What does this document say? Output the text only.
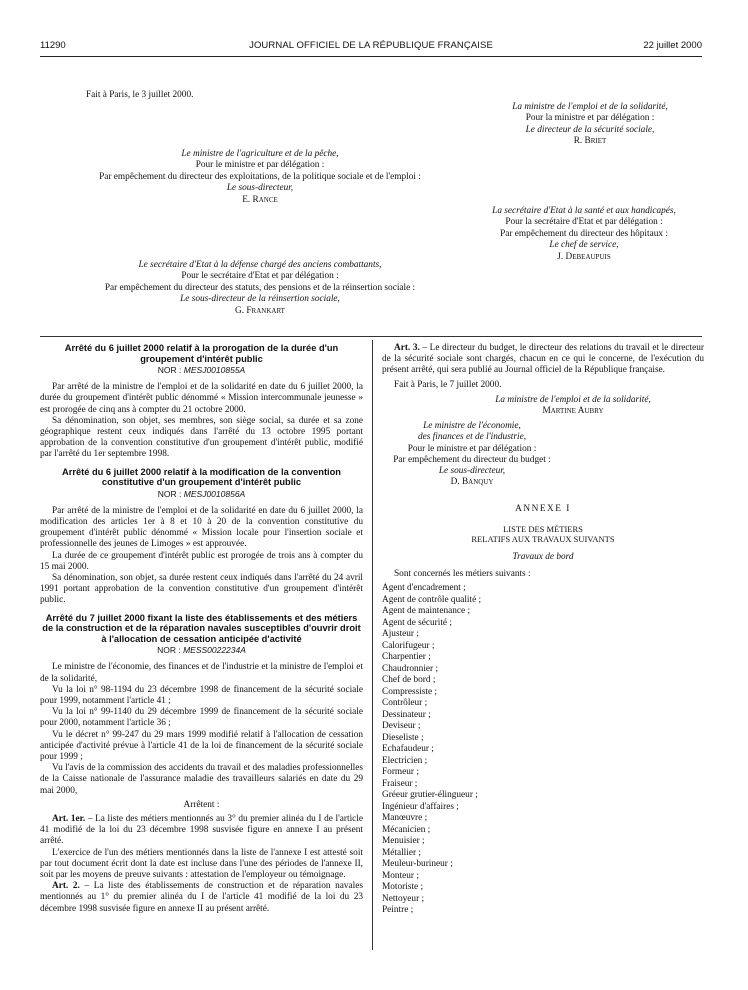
11290	JOURNAL OFFICIEL DE LA RÉPUBLIQUE FRANÇAISE	22 juillet 2000
Fait à Paris, le 3 juillet 2000.
La ministre de l'emploi et de la solidarité,
Pour la ministre et par délégation :
Le directeur de la sécurité sociale,
R. Briet
Le ministre de l'agriculture et de la pêche,
Pour le ministre et par délégation :
Par empêchement du directeur des exploitations, de la politique sociale et de l'emploi :
Le sous-directeur,
E. Rance
La secrétaire d'Etat à la santé et aux handicapés,
Pour la secrétaire d'Etat et par délégation :
Par empêchement du directeur des hôpitaux :
Le chef de service,
J. Debeaupuis
Le secrétaire d'Etat à la défense chargé des anciens combattants,
Pour le secrétaire d'Etat et par délégation :
Par empêchement du directeur des statuts, des pensions et de la réinsertion sociale :
Le sous-directeur de la réinsertion sociale,
G. Frankart
Arrêté du 6 juillet 2000 relatif à la prorogation de la durée d'un groupement d'intérêt public
NOR : MESJ0010855A

Par arrêté de la ministre de l'emploi et de la solidarité en date du 6 juillet 2000, la durée du groupement d'intérêt public dénommé « Mission intercommunale jeunesse » est prorogée de cinq ans à compter du 21 octobre 2000.

Sa dénomination, son objet, ses membres, son siège social, sa durée et sa zone géographique restent ceux indiqués dans l'arrêté du 13 octobre 1995 portant approbation de la convention constitutive d'un groupement d'intérêt public, modifié par l'arrêté du 1er septembre 1998.

Arrêté du 6 juillet 2000 relatif à la modification de la convention constitutive d'un groupement d'intérêt public
NOR : MESJ0010856A

Par arrêté de la ministre de l'emploi et de la solidarité en date du 6 juillet 2000, la modification des articles 1er à 8 et 10 à 20 de la convention constitutive du groupement d'intérêt public dénommé « Mission locale pour l'insertion sociale et professionnelle des jeunes de Limoges » est approuvée.

La durée de ce groupement d'intérêt public est prorogée de trois ans à compter du 15 mai 2000.

Sa dénomination, son objet, sa durée restent ceux indiqués dans l'arrêté du 24 avril 1991 portant approbation de la convention constitutive d'un groupement d'intérêt public.

Arrêté du 7 juillet 2000 fixant la liste des établissements et des métiers de la construction et de la réparation navales susceptibles d'ouvrir droit à l'allocation de cessation anticipée d'activité
NOR : MESS0022234A

Le ministre de l'économie, des finances et de l'industrie et la ministre de l'emploi et de la solidarité,

Vu la loi n° 98-1194 du 23 décembre 1998 de financement de la sécurité sociale pour 1999, notamment l'article 41 ;

Vu la loi n° 99-1140 du 29 décembre 1999 de financement de la sécurité sociale pour 2000, notamment l'article 36 ;

Vu le décret n° 99-247 du 29 mars 1999 modifié relatif à l'allocation de cessation anticipée d'activité prévue à l'article 41 de la loi de financement de la sécurité sociale pour 1999 ;

Vu l'avis de la commission des accidents du travail et des maladies professionnelles de la Caisse nationale de l'assurance maladie des travailleurs salariés en date du 29 mai 2000,

Arrêtent :

Art. 1er. – La liste des métiers mentionnés au 3° du premier alinéa du I de l'article 41 modifié de la loi du 23 décembre 1998 susvisée figure en annexe I au présent arrêté.

L'exercice de l'un des métiers mentionnés dans la liste de l'annexe I est attesté soit par tout document écrit dont la date est incluse dans l'une des périodes de l'annexe II, soit par les moyens de preuve suivants : attestation de l'employeur ou témoignage.

Art. 2. – La liste des établissements de construction et de réparation navales mentionnés au 1° du premier alinéa du I de l'article 41 modifié de la loi du 23 décembre 1998 susvisée figure en annexe II au présent arrêté.

Art. 3. – Le directeur du budget, le directeur des relations du travail et le directeur de la sécurité sociale sont chargés, chacun en ce qui le concerne, de l'exécution du présent arrêté, qui sera publié au Journal officiel de la République française.

Fait à Paris, le 7 juillet 2000.

La ministre de l'emploi et de la solidarité,
Martine Aubry
Le ministre de l'économie,
des finances et de l'industrie,
Pour le ministre et par délégation :
Par empêchement du directeur du budget :
Le sous-directeur,
D. Banquy
ANNEXE I
LISTE DES MÉTIERS
RELATIFS AUX TRAVAUX SUIVANTS
Travaux de bord

Sont concernés les métiers suivants :

Agent d'encadrement ;
Agent de contrôle qualité ;
Agent de maintenance ;
Agent de sécurité ;
Ajusteur ;
Calorifugeur ;
Charpentier ;
Chaudronnier ;
Chef de bord ;
Compressiste ;
Contrôleur ;
Dessinateur ;
Deviseur ;
Dieseliste ;
Echafaudeur ;
Electricien ;
Formeur ;
Fraiseur ;
Gréeur grutier-élingueur ;
Ingénieur d'affaires ;
Manœuvre ;
Mécanicien ;
Menuisier ;
Métallier ;
Meuleur-burineur ;
Monteur ;
Motoriste ;
Nettoyeur ;
Peintre ;
